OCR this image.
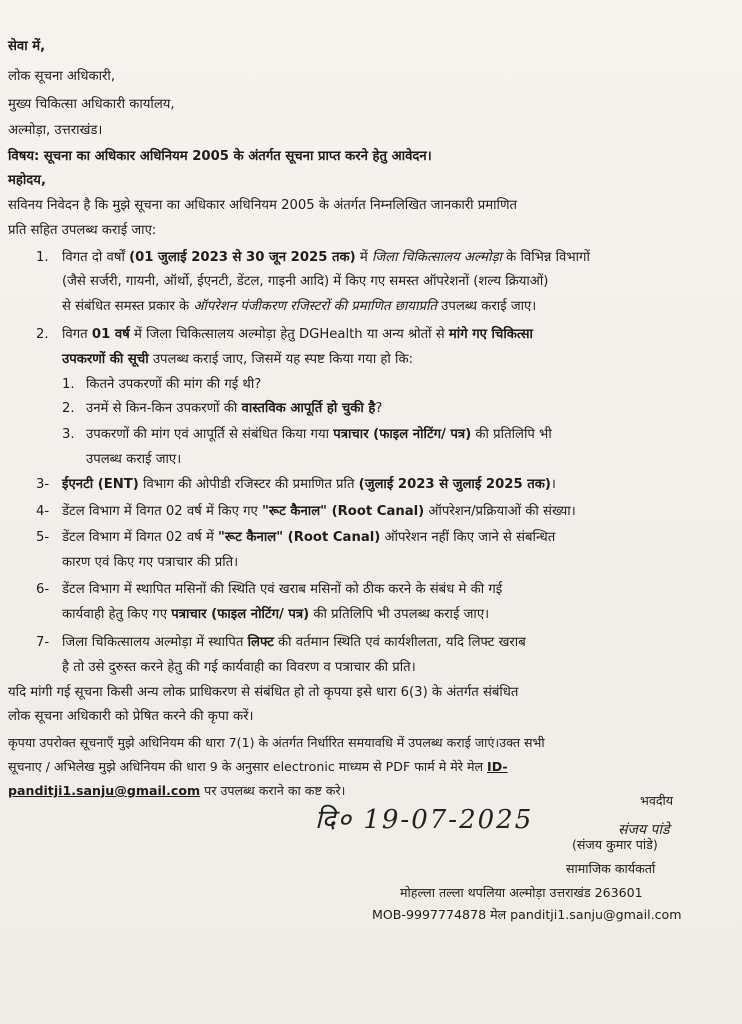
सेवा में,
लोक सूचना अधिकारी,
मुख्य चिकित्सा अधिकारी कार्यालय,
अल्मोड़ा, उत्तराखंड।
विषय: सूचना का अधिकार अधिनियम 2005 के अंतर्गत सूचना प्राप्त करने हेतु आवेदन।
महोदय,
सविनय निवेदन है कि मुझे सूचना का अधिकार अधिनियम 2005 के अंतर्गत निम्नलिखित जानकारी प्रमाणित
प्रति सहित उपलब्ध कराई जाए:
1. विगत दो वर्षों (01 जुलाई 2023 से 30 जून 2025 तक) में जिला चिकित्सालय अल्मोड़ा के विभिन्न विभागों
(जैसे सर्जरी, गायनी, ऑर्थो, ईएनटी, डेंटल, गाइनी आदि) में किए गए समस्त ऑपरेशनों (शल्य क्रियाओं)
से संबंधित समस्त प्रकार के ऑपरेशन पंजीकरण रजिस्टरों की प्रमाणित छायाप्रति उपलब्ध कराई जाए।
2. विगत 01 वर्ष में जिला चिकित्सालय अल्मोड़ा हेतु DGHealth या अन्य श्रोतों से मांगे गए चिकित्सा
उपकरणों की सूची उपलब्ध कराई जाए, जिसमें यह स्पष्ट किया गया हो कि:
1. कितने उपकरणों की मांग की गई थी?
2. उनमें से किन-किन उपकरणों की वास्तविक आपूर्ति हो चुकी है?
3. उपकरणों की मांग एवं आपूर्ति से संबंधित किया गया पत्राचार (फाइल नोटिंग/ पत्र) की प्रतिलिपि भी
उपलब्ध कराई जाए।
3- ईएनटी (ENT) विभाग की ओपीडी रजिस्टर की प्रमाणित प्रति (जुलाई 2023 से जुलाई 2025 तक)।
4- डेंटल विभाग में विगत 02 वर्ष में किए गए "रूट कैनाल" (Root Canal) ऑपरेशन/प्रक्रियाओं की संख्या।
5- डेंटल विभाग में विगत 02 वर्ष में "रूट कैनाल" (Root Canal) ऑपरेशन नहीं किए जाने से संबन्धित
कारण एवं किए गए पत्राचार की प्रति।
6- डेंटल विभाग में स्थापित मसिनों की स्थिति एवं खराब मसिनों को ठीक करने के संबंध मे की गई
कार्यवाही हेतु किए गए पत्राचार (फाइल नोटिंग/ पत्र) की प्रतिलिपि भी उपलब्ध कराई जाए।
7- जिला चिकित्सालय अल्मोड़ा में स्थापित लिफ्ट की वर्तमान स्थिति एवं कार्यशीलता, यदि लिफ्ट खराब
है तो उसे दुरुस्त करने हेतु की गई कार्यवाही का विवरण व पत्राचार की प्रति।
यदि मांगी गई सूचना किसी अन्य लोक प्राधिकरण से संबंधित हो तो कृपया इसे धारा 6(3) के अंतर्गत संबंधित
लोक सूचना अधिकारी को प्रेषित करने की कृपा करें।
कृपया उपरोक्त सूचनाएँ मुझे अधिनियम की धारा 7(1) के अंतर्गत निर्धारित समयावधि में उपलब्ध कराई जाएं।उक्त सभी
सूचनाए / अभिलेख मुझे अधिनियम की धारा 9 के अनुसार electronic माध्यम से PDF फार्म मे मेरे मेल ID-
panditji1.sanju@gmail.com पर उपलब्ध कराने का कष्ट करे।
भवदीय
दि० 19-07-2025	संजय पांडे
(संजय कुमार पांडे)
सामाजिक कार्यकर्ता
मोहल्ला तल्ला थपलिया अल्मोड़ा उत्तराखंड 263601
MOB-9997774878 मेल panditji1.sanju@gmail.com
